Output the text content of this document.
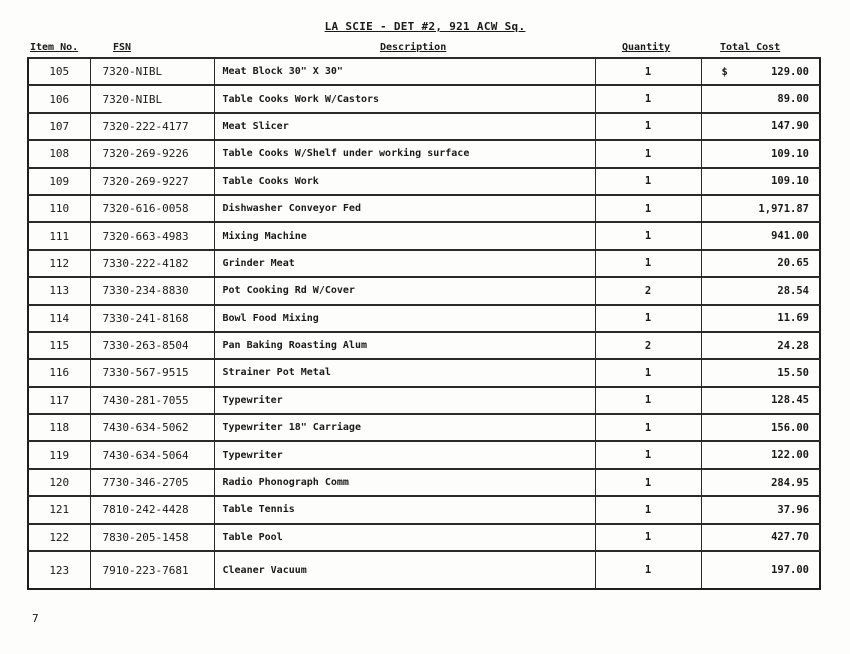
LA SCIE - DET #2, 921 ACW Sq.
Item No.	FSN	Description	Quantity	Total Cost
105	7320-NIBL	Meat Block 30" X 30"	1	$ 129.00
106	7320-NIBL	Table Cooks Work W/Castors	1	89.00
107	7320-222-4177	Meat Slicer	1	147.90
108	7320-269-9226	Table Cooks W/Shelf under working surface	1	109.10
109	7320-269-9227	Table Cooks Work	1	109.10
110	7320-616-0058	Dishwasher Conveyor Fed	1	1,971.87
111	7320-663-4983	Mixing Machine	1	941.00
112	7330-222-4182	Grinder Meat	1	20.65
113	7330-234-8830	Pot Cooking Rd W/Cover	2	28.54
114	7330-241-8168	Bowl Food Mixing	1	11.69
115	7330-263-8504	Pan Baking Roasting Alum	2	24.28
116	7330-567-9515	Strainer Pot Metal	1	15.50
117	7430-281-7055	Typewriter	1	128.45
118	7430-634-5062	Typewriter 18" Carriage	1	156.00
119	7430-634-5064	Typewriter	1	122.00
120	7730-346-2705	Radio Phonograph Comm	1	284.95
121	7810-242-4428	Table Tennis	1	37.96
122	7830-205-1458	Table Pool	1	427.70
123	7910-223-7681	Cleaner Vacuum	1	197.00
7
